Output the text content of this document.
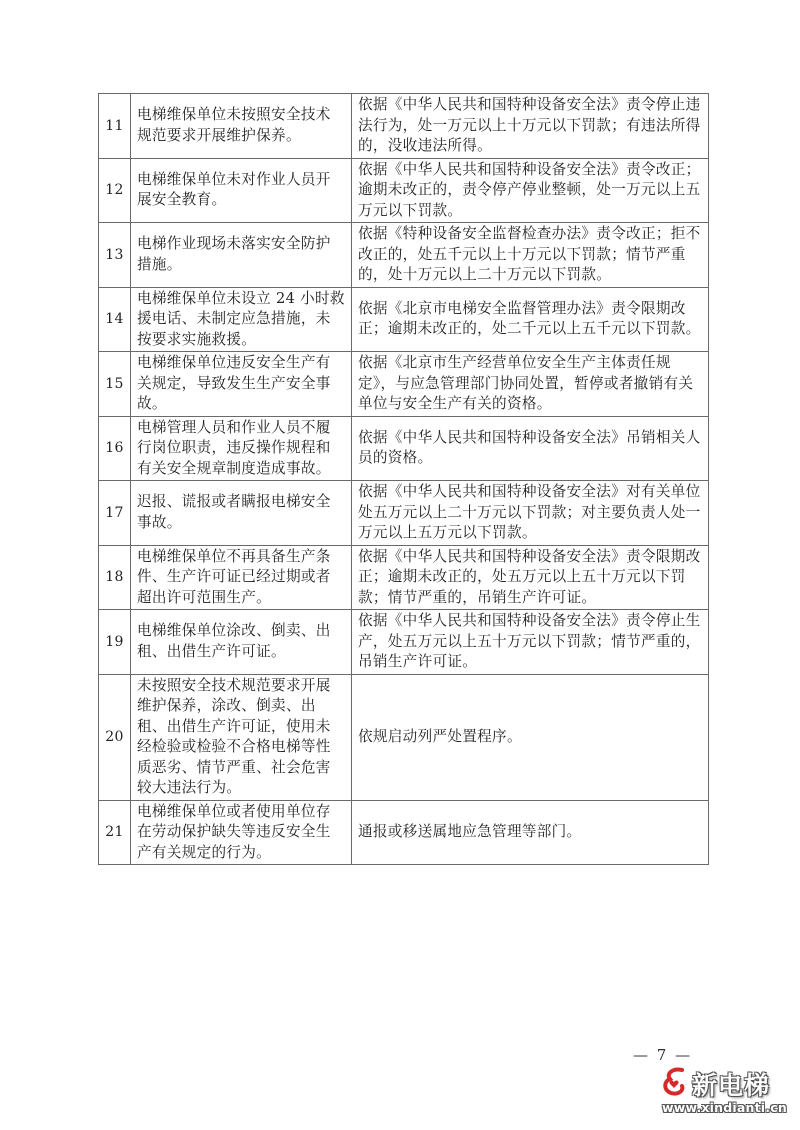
11	电梯维保单位未按照安全技术规范要求开展维护保养。	依据《中华人民共和国特种设备安全法》责令停止违法行为，处一万元以上十万元以下罚款；有违法所得的，没收违法所得。
12	电梯维保单位未对作业人员开展安全教育。	依据《中华人民共和国特种设备安全法》责令改正；逾期未改正的，责令停产停业整顿，处一万元以上五万元以下罚款。
13	电梯作业现场未落实安全防护措施。	依据《特种设备安全监督检查办法》责令改正；拒不改正的，处五千元以上十万元以下罚款；情节严重的，处十万元以上二十万元以下罚款。
14	电梯维保单位未设立 24 小时救援电话、未制定应急措施，未按要求实施救援。	依据《北京市电梯安全监督管理办法》责令限期改正；逾期未改正的，处二千元以上五千元以下罚款。
15	电梯维保单位违反安全生产有关规定，导致发生生产安全事故。	依据《北京市生产经营单位安全生产主体责任规定》，与应急管理部门协同处置，暂停或者撤销有关单位与安全生产有关的资格。
16	电梯管理人员和作业人员不履行岗位职责，违反操作规程和有关安全规章制度造成事故。	依据《中华人民共和国特种设备安全法》吊销相关人员的资格。
17	迟报、谎报或者瞒报电梯安全事故。	依据《中华人民共和国特种设备安全法》对有关单位处五万元以上二十万元以下罚款；对主要负责人处一万元以上五万元以下罚款。
18	电梯维保单位不再具备生产条件、生产许可证已经过期或者超出许可范围生产。	依据《中华人民共和国特种设备安全法》责令限期改正；逾期未改正的，处五万元以上五十万元以下罚款；情节严重的，吊销生产许可证。
19	电梯维保单位涂改、倒卖、出租、出借生产许可证。	依据《中华人民共和国特种设备安全法》责令停止生产，处五万元以上五十万元以下罚款；情节严重的，吊销生产许可证。
20	未按照安全技术规范要求开展维护保养，涂改、倒卖、出租、出借生产许可证，使用未经检验或检验不合格电梯等性质恶劣、情节严重、社会危害较大违法行为。	依规启动列严处置程序。
21	电梯维保单位或者使用单位存在劳动保护缺失等违反安全生产有关规定的行为。	通报或移送属地应急管理等部门。
— 7 —
新电梯
www.xindianti.cn
